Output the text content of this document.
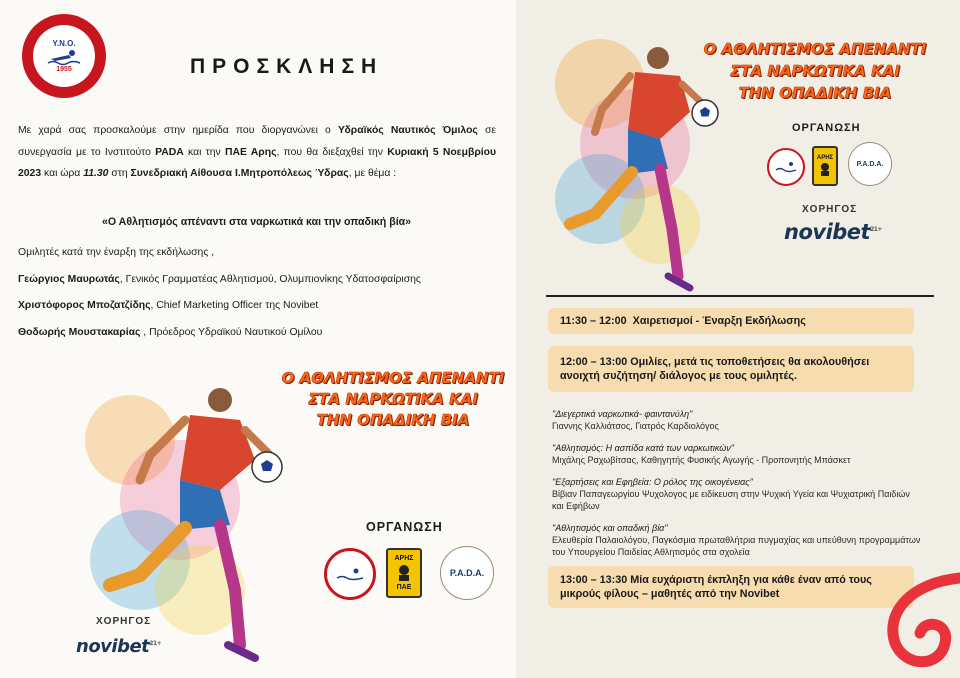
Υ.Ν.Ο.
1955	ΠΡΟΣΚΛΗΣΗ
Με χαρά σας προσκαλούμε στην ημερίδα που διοργανώνει ο Υδραϊκός Ναυτικός Όμιλος σε συνεργασία με το Ινστιτούτο PADA και την ΠΑΕ Αρης, που θα διεξαχθεί την Κυριακή 5 Νοεμβρίου 2023 και ώρα 11.30 στη Συνεδριακή Αίθουσα Ι.Μητροπόλεως Ύδρας, με θέμα :
«Ο Αθλητισμός απέναντι στα ναρκωτικά και την οπαδική βία»
Ομιλητές κατά την έναρξη της εκδήλωσης ,
Γεώργιος Μαυρωτάς, Γενικός Γραμματέας Αθλητισμού, Ολυμπιονίκης Υδατοσφαίρισης
Χριστόφορος Μποζατζίδης, Chief Marketing Officer της Novibet
Θοδωρής Μουστακαρίας , Πρόεδρος Υδραϊκού Ναυτικού Ομίλου
Ο ΑΘΛΗΤΙΣΜΟΣ ΑΠΕΝΑΝΤΙ
ΣΤΑ ΝΑΡΚΩΤΙΚΑ ΚΑΙ
ΤΗΝ ΟΠΑΔΙΚΗ ΒΙΑ
ΟΡΓΑΝΩΣΗ
ΑΡΗΣ
ΠΑΕ
P.A.D.A.
ΧΟΡΗΓΟΣ
novibet$^{21+}$
Ο ΑΘΛΗΤΙΣΜΟΣ ΑΠΕΝΑΝΤΙ
ΣΤΑ ΝΑΡΚΩΤΙΚΑ ΚΑΙ
ΤΗΝ ΟΠΑΔΙΚΗ ΒΙΑ
ΟΡΓΑΝΩΣΗ
ΑΡΗΣ
P.A.D.A.
ΧΟΡΗΓΟΣ
novibet$^{21+}$
11:30 – 12:00
Χαιρετισμοί - Έναρξη Εκδήλωσης
12:00 – 13:00 Ομιλίες, μετά τις τοποθετήσεις θα ακολουθήσει ανοιχτή συζήτηση/ διάλογος με τους ομιλητές.
"Διεγερτικά ναρκωτικά- φαιντανύλη"
Γιαννης Καλλιάτσος, Γιατρός Καρδιολόγος
"Αθλητισμός: Η ασπίδα κατά των ναρκωτικών"
Μιχάλης Ραχωβίτσας, Καθηγητής Φυσικής Αγωγής - Προπονητής Μπάσκετ
"Εξαρτήσεις και Εφηβεία: Ο ρόλος της οικογένειας"
Βίβιαν Παπαγεωργίου Ψυχολογος με ειδίκευση στην Ψυχική Υγεία και Ψυχιατρική Παιδιών και Εφήβων
"Αθλητισμός και οπαδική βία"
Ελευθερία Παλαιολόγου, Παγκόσμια πρωταθλήτρια πυγμαχίας και υπεύθυνη προγραμμάτων του Υπουργείου Παιδείας Αθλητισμός στα σχολεία
13:00 – 13:30 Μία ευχάριστη έκπληξη για κάθε έναν από τους μικρούς φίλους – μαθητές από την Novibet
